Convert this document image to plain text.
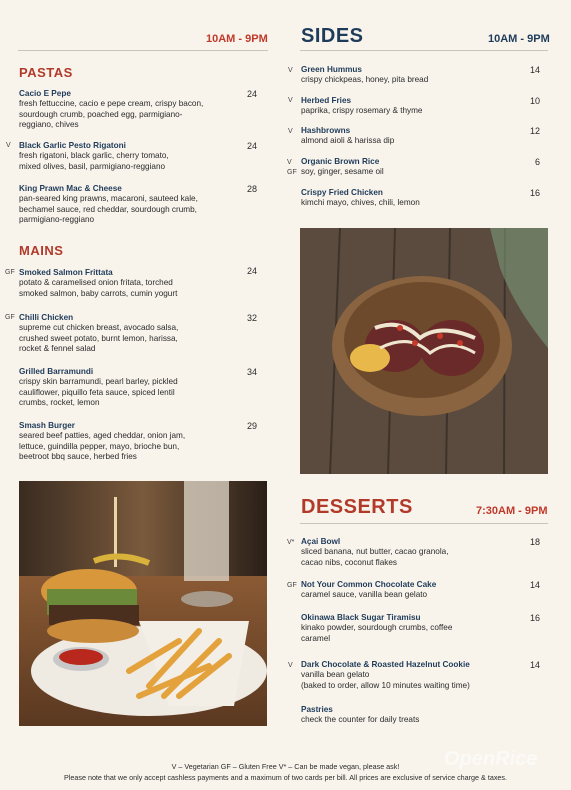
10AM - 9PM
PASTAS
Cacio E Pepe
fresh fettuccine, cacio e pepe cream, crispy bacon,
sourdough crumb, poached egg, parmigiano-
reggiano, chives
24
V Black Garlic Pesto Rigatoni
fresh rigatoni, black garlic, cherry tomato,
mixed olives, basil, parmigiano-reggiano
24
King Prawn Mac & Cheese
pan-seared king prawns, macaroni, sauteed kale,
bechamel sauce, red cheddar, sourdough crumb,
parmigiano-reggiano
28
MAINS
GF Smoked Salmon Frittata
potato & caramelised onion fritata, torched
smoked salmon, baby carrots, cumin yogurt
24
GF Chilli Chicken
supreme cut chicken breast, avocado salsa,
crushed sweet potato, burnt lemon, harissa,
rocket & fennel salad
32
Grilled Barramundi
crispy skin barramundi, pearl barley, pickled
cauliflower, piquillo feta sauce, spiced lentil
crumbs, rocket, lemon
34
Smash Burger
seared beef patties, aged cheddar, onion jam,
lettuce, guindilla pepper, mayo, brioche bun,
beetroot bbq sauce, herbed fries
29
SIDES	10AM - 9PM
V Green Hummus
crispy chickpeas, honey, pita bread
14
V Herbed Fries
paprika, crispy rosemary & thyme
10
V Hashbrowns
almond aioli & harissa dip
12
V
GF
Organic Brown Rice
soy, ginger, sesame oil
6
Crispy Fried Chicken
kimchi mayo, chives, chili, lemon
16
DESSERTS	7:30AM - 9PM
V* Açai Bowl
sliced banana, nut butter, cacao granola,
cacao nibs, coconut flakes
18
GF Not Your Common Chocolate Cake
caramel sauce, vanilla bean gelato
14
Okinawa Black Sugar Tiramisu
kinako powder, sourdough crumbs, coffee
caramel
16
V Dark Chocolate & Roasted Hazelnut Cookie
vanilla bean gelato
(baked to order, allow 10 minutes waiting time)
14
Pastries
check the counter for daily treats
V – Vegetarian GF – Gluten Free V* – Can be made vegan, please ask!
Please note that we only accept cashless payments and a maximum of two cards per bill. All prices are exclusive of service charge & taxes.
OpenRice
